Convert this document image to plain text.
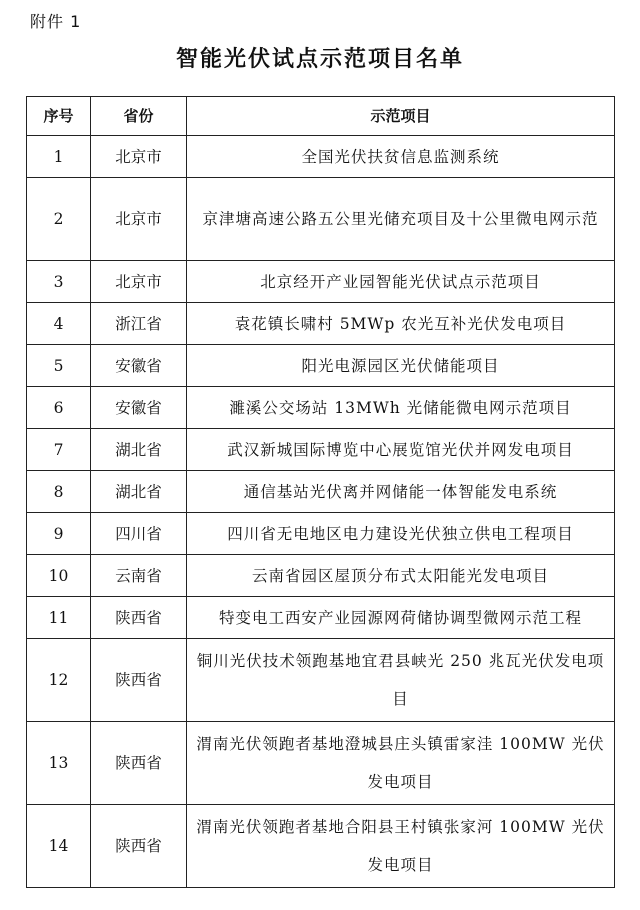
附件 1
智能光伏试点示范项目名单
序号	省份	示范项目
1	北京市	全国光伏扶贫信息监测系统
2	北京市	京津塘高速公路五公里光储充项目及十公里微电网示范
3	北京市	北京经开产业园智能光伏试点示范项目
4	浙江省	袁花镇长啸村 5MWp 农光互补光伏发电项目
5	安徽省	阳光电源园区光伏储能项目
6	安徽省	濉溪公交场站 13MWh 光储能微电网示范项目
7	湖北省	武汉新城国际博览中心展览馆光伏并网发电项目
8	湖北省	通信基站光伏离并网储能一体智能发电系统
9	四川省	四川省无电地区电力建设光伏独立供电工程项目
10	云南省	云南省园区屋顶分布式太阳能光发电项目
11	陕西省	特变电工西安产业园源网荷储协调型微网示范工程
12	陕西省	铜川光伏技术领跑基地宜君县峡光 250 兆瓦光伏发电项目
13	陕西省	渭南光伏领跑者基地澄城县庄头镇雷家洼 100MW 光伏发电项目
14	陕西省	渭南光伏领跑者基地合阳县王村镇张家河 100MW 光伏发电项目
